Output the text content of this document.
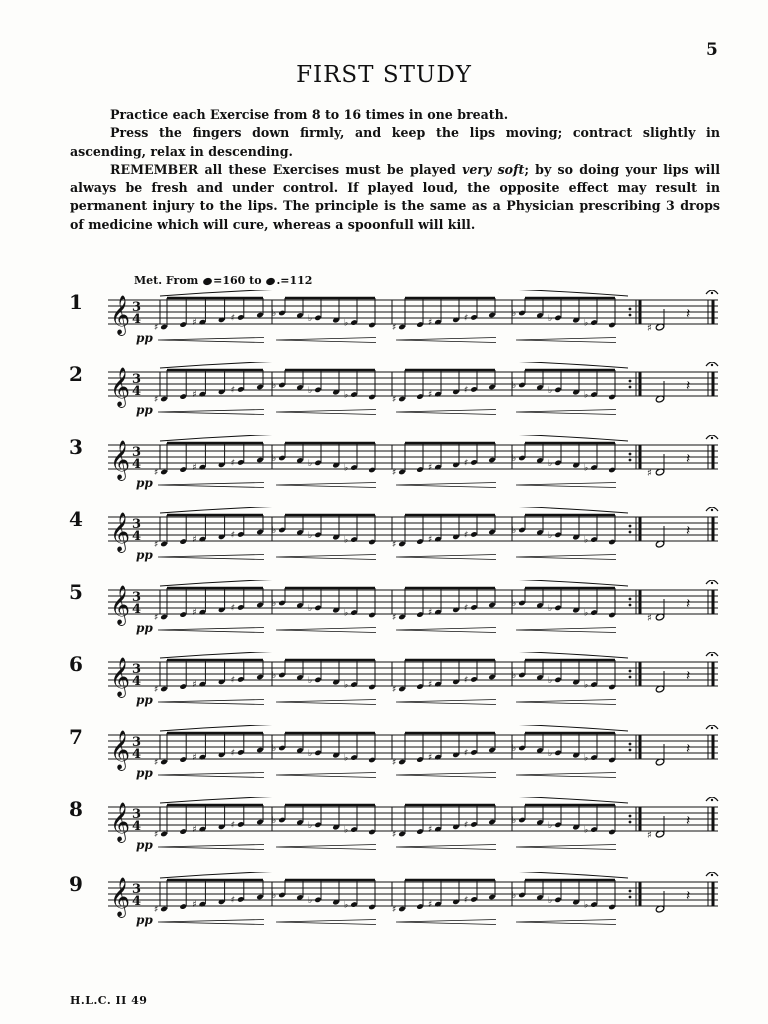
5
FIRST STUDY

Practice each Exercise from 8 to 16 times in one breath.

Press the fingers down firmly, and keep the lips moving; contract slightly in ascending, relax in descending.

REMEMBER all these Exercises must be played very soft; by so doing your lips will always be fresh and under control. If played loud, the opposite effect may result in permanent injury to the lips. The principle is the same as a Physician prescribing 3 drops of medicine which will cure, whereas a spoonfull will kill.

Met. From =160 to .=112
1 𝄞 3
4
♯	♯	♯	♭	♭	♭	♯	♯	♯	♭	♭	♭	♯
𝄽
pp
2 𝄞 3
4
♯	♯	♯	♭	♭	♭	♯	♯	♯	♭	♭	♭
𝄽
pp
3 𝄞 3
4
♯	♯	♯	♭	♭	♭	♯	♯	♯	♭	♭	♭	♯
𝄽
pp
4 𝄞 3
4
♯	♯	♯	♭	♭	♭	♯	♯	♯	♭	♭	♭
𝄽
pp
5 𝄞 3
4
♯	♯	♯	♭	♭	♭	♯	♯	♯	♭	♭	♭	♯
𝄽
pp
6 𝄞 3
4
♯	♯	♯	♭	♭	♭	♯	♯	♯	♭	♭	♭
𝄽
pp
7 𝄞 3
4
♯	♯	♯	♭	♭	♭	♯	♯	♯	♭	♭	♭
𝄽
pp
8 𝄞 3
4
♯	♯	♯	♭	♭	♭	♯	♯	♯	♭	♭	♭	♯
𝄽
pp
9 𝄞 3
4
♯	♯	♯	♭	♭	♭	♯	♯	♯	♭	♭	♭
𝄽
pp
H.L.C. II 49
